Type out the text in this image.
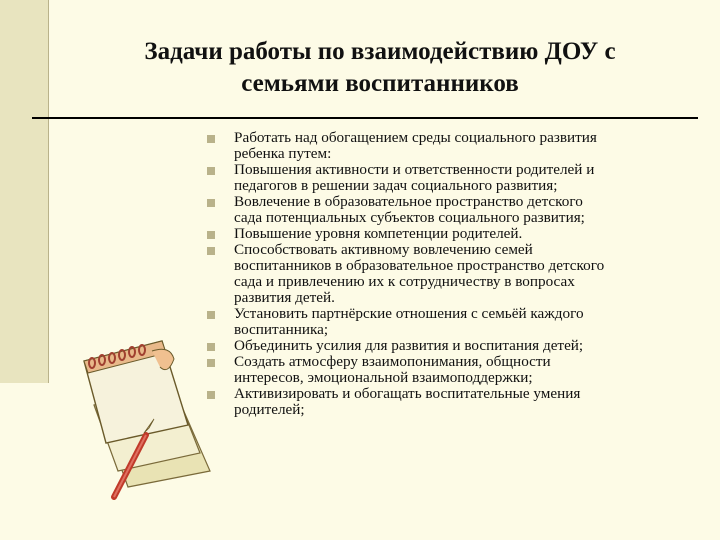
Задачи работы по взаимодействию ДОУ с
семьями воспитанников
Работать над обогащением среды социального развития
ребенка путем:
Повышения активности и ответственности родителей и
педагогов в решении задач социального развития;
Вовлечение в образовательное пространство детского
сада потенциальных субъектов социального развития;
Повышение уровня компетенции родителей.
Способствовать активному вовлечению семей
воспитанников в образовательное пространство детского
сада и привлечению их к сотрудничеству в вопросах
развития детей.
Установить партнёрские отношения с семьёй каждого
воспитанника;
Объединить усилия для развития и воспитания детей;
Создать атмосферу взаимопонимания, общности
интересов, эмоциональной взаимоподдержки;
Активизировать и обогащать воспитательные умения
родителей;
